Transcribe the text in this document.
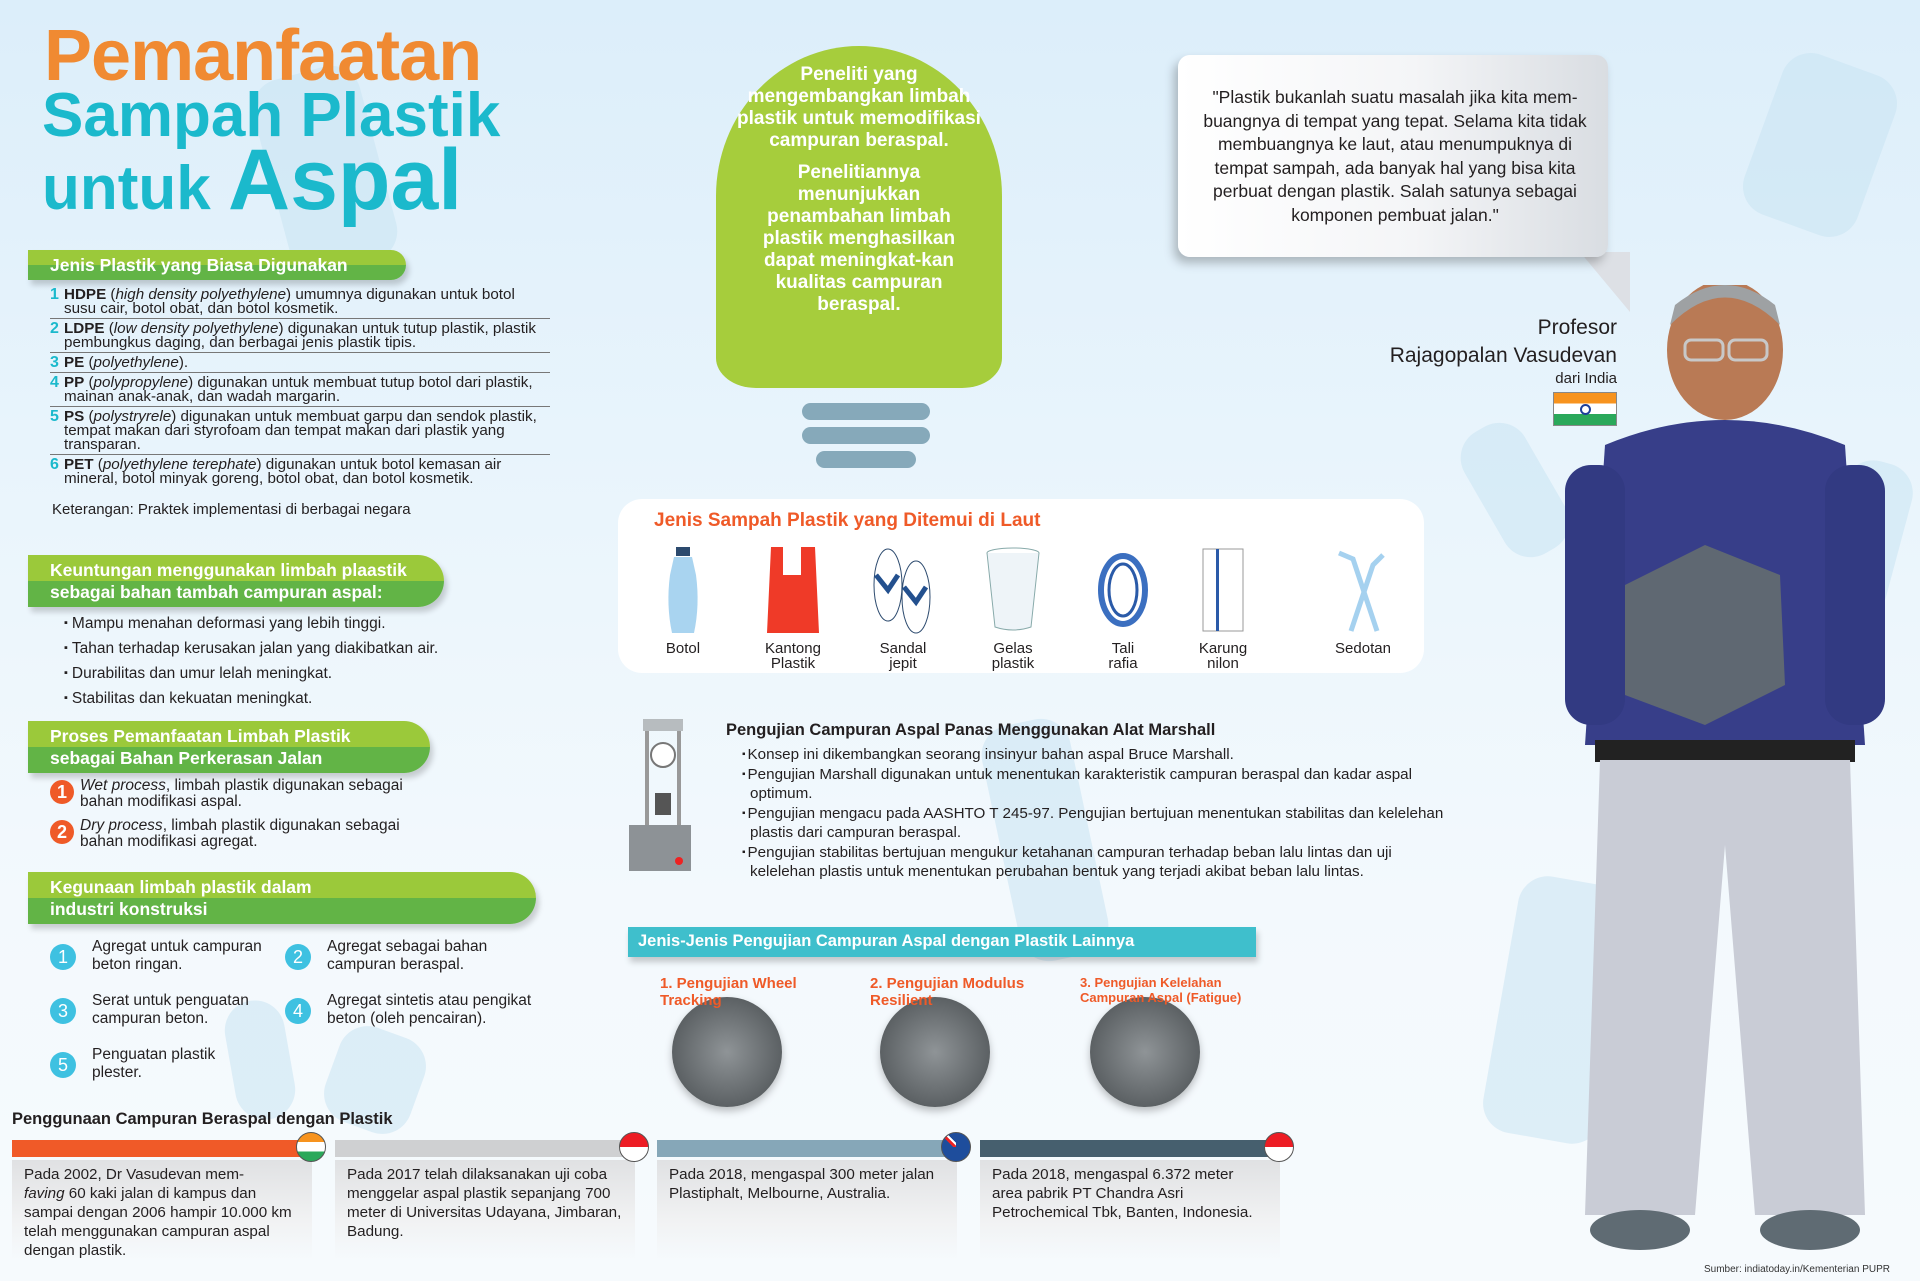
Pemanfaatan
Sampah Plastik
untuk Aspal
Jenis Plastik yang Biasa Digunakan
1 HDPE (high density polyethylene) umumnya digunakan untuk botol susu cair, botol obat, dan botol kosmetik.
2 LDPE (low density polyethylene) digunakan untuk tutup plastik, plastik pembungkus daging, dan berbagai jenis plastik tipis.
3 PE (polyethylene).
4 PP (polypropylene) digunakan untuk membuat tutup botol dari plastik, mainan anak-anak, dan wadah margarin.
5 PS (polystryrele) digunakan untuk membuat garpu dan sendok plastik, tempat makan dari styrofoam dan tempat makan dari plastik yang transparan.
6 PET (polyethylene terephate) digunakan untuk botol kemasan air mineral, botol minyak goreng, botol obat, dan botol kosmetik.
Keterangan: Praktek implementasi di berbagai negara
Keuntungan menggunakan limbah plaastik
sebagai bahan tambah campuran aspal:
▪ Mampu menahan deformasi yang lebih tinggi.
▪ Tahan terhadap kerusakan jalan yang diakibatkan air.
▪ Durabilitas dan umur lelah meningkat.
▪ Stabilitas dan kekuatan meningkat.
Proses Pemanfaatan Limbah Plastik
sebagai Bahan Perkerasan Jalan
1 Wet process, limbah plastik digunakan sebagai
bahan modifikasi aspal.
2 Dry process, limbah plastik digunakan sebagai
bahan modifikasi agregat.
Kegunaan limbah plastik dalam
industri konstruksi
1
Agregat untuk campuran
beton ringan.	2
Agregat sebagai bahan
campuran beraspal.
3
Serat untuk penguatan
campuran beton.	4
Agregat sintetis atau pengikat
beton (oleh pencairan).
5
Penguatan plastik
plester.
Peneliti yang mengembangkan limbah plastik untuk memodifikasi campuran beraspal.
Penelitiannya menunjukkan penambahan limbah plastik menghasilkan dapat meningkat-kan kualitas campuran beraspal.
"Plastik bukanlah suatu masalah jika kita mem-buangnya di tempat yang tepat. Selama kita tidak membuangnya ke laut, atau menumpuknya di tempat sampah, ada banyak hal yang bisa kita perbuat dengan plastik. Salah satunya sebagai komponen pembuat jalan."
Profesor
Rajagopalan Vasudevan
dari India
Jenis Sampah Plastik yang Ditemui di Laut
Botol	Kantong
Plastik
Sandal
jepit
Gelas
plastik
Tali
rafia
Karung
nilon
Sedotan
Pengujian Campuran Aspal Panas Menggunakan Alat Marshall
▪ Konsep ini dikembangkan seorang insinyur bahan aspal Bruce Marshall.
▪ Pengujian Marshall digunakan untuk menentukan karakteristik campuran beraspal dan kadar aspal optimum.
▪ Pengujian mengacu pada AASHTO T 245-97. Pengujian bertujuan menentukan stabilitas dan kelelehan plastis dari campuran beraspal.
▪ Pengujian stabilitas bertujuan mengukur ketahanan campuran terhadap beban lalu lintas dan uji kelelehan plastis untuk menentukan perubahan bentuk yang terjadi akibat beban lalu lintas.
Jenis-Jenis Pengujian Campuran Aspal dengan Plastik Lainnya
1. Pengujian Wheel Tracking
2. Pengujian Modulus Resilient
3. Pengujian Kelelahan Campuran Aspal (Fatigue)
Penggunaan Campuran Beraspal dengan Plastik
Pada 2002, Dr Vasudevan mem-
faving 60 kaki jalan di kampus dan sampai dengan 2006 hampir 10.000 km telah menggunakan campuran aspal dengan plastik.
Pada 2017 telah dilaksanakan uji coba menggelar aspal plastik sepanjang 700 meter di Universitas Udayana, Jimbaran, Badung.
Pada 2018, mengaspal 300 meter jalan Plastiphalt, Melbourne, Australia.
Pada 2018, mengaspal 6.372 meter area pabrik PT Chandra Asri Petrochemical Tbk, Banten, Indonesia.
Sumber: indiatoday.in/Kementerian PUPR
